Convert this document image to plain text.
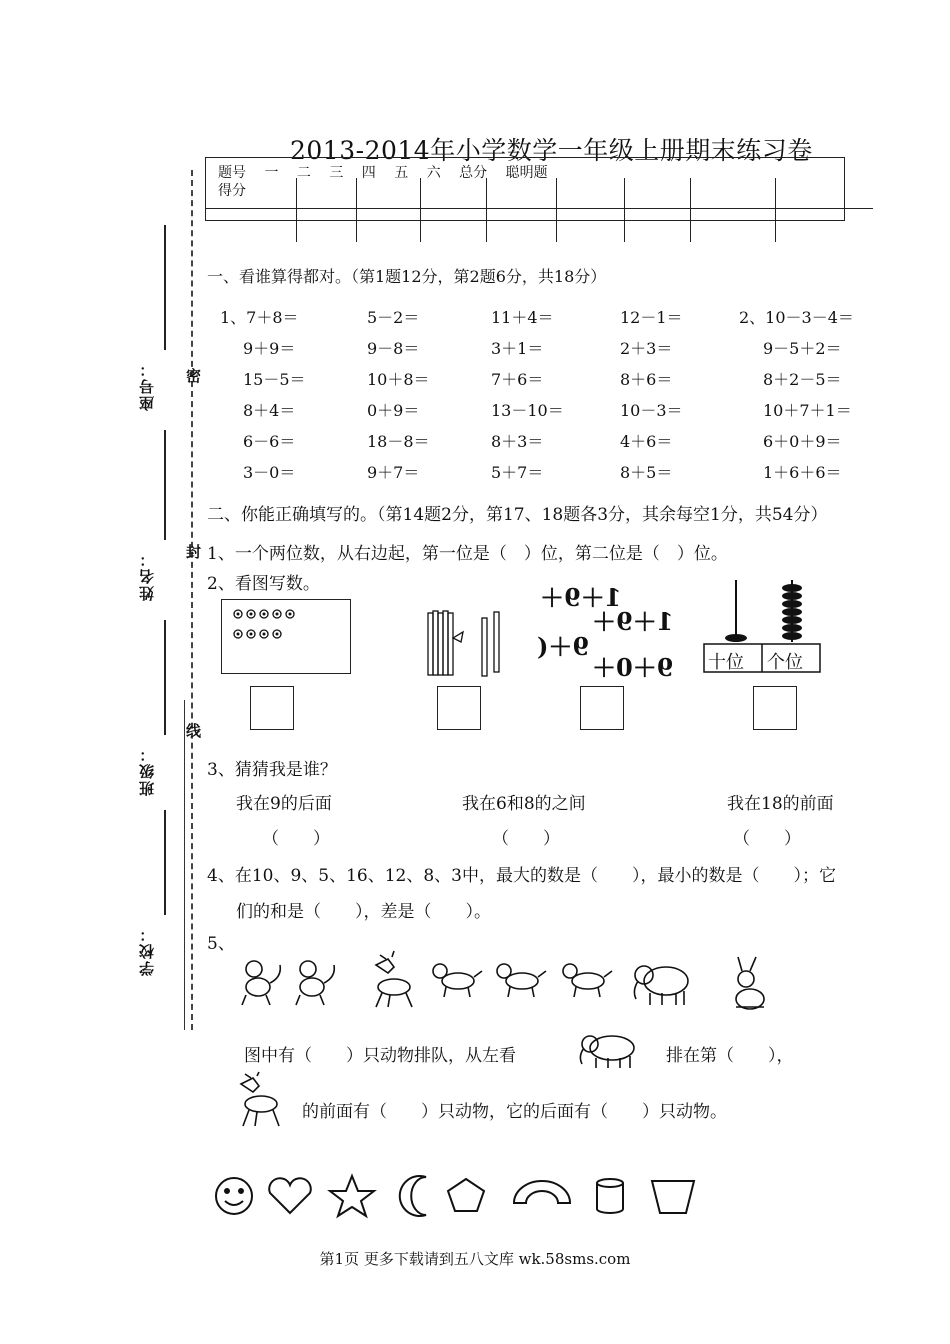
2013-2014年小学数学一年级上册期末练习卷
题号 一 二 三 四 五 六 总分 聪明题
得分
学校：
班级：
姓名：
座号： 密
封
线
一、看谁算得都对。（第1题12分，第2题6分，共18分）
1、7＋8＝	5－2＝	11＋4＝	12－1＝	2、10－3－4＝
9＋9＝	9－8＝	3＋1＝	2＋3＝	9－5＋2＝
15－5＝	10＋8＝	7＋6＝	8＋6＝	8＋2－5＝
8＋4＝	0＋9＝	13－10＝	10－3＝	10＋7＋1＝
6－6＝	18－8＝	8＋3＝	4＋6＝	6＋0＋9＝
3－0＝	9＋7＝	5＋7＝	8＋5＝	1＋6＋6＝
二、你能正确填写的。（第14题2分，第17、18题各3分，其余每空1分，共54分）
1、一个两位数，从右边起，第一位是（　）位，第二位是（　）位。
2、看图写数。	1＋9＋
1＋9＋
9＋(
9＋0＋ 十位 个位
3、猜猜我是谁？
我在9的后面	我在6和8的之间	我在18的前面
（　　）	（　　）	（　　）
4、在10、9、5、16、12、8、3中，最大的数是（　　），最小的数是（　　）；它
们的和是（　　），差是（　　）。
5、
图中有（　　）只动物排队，从左看	排在第（　　），
的前面有（　　）只动物，它的后面有（　　）只动物。
第1页 更多下载请到五八文库 wk.58sms.com
